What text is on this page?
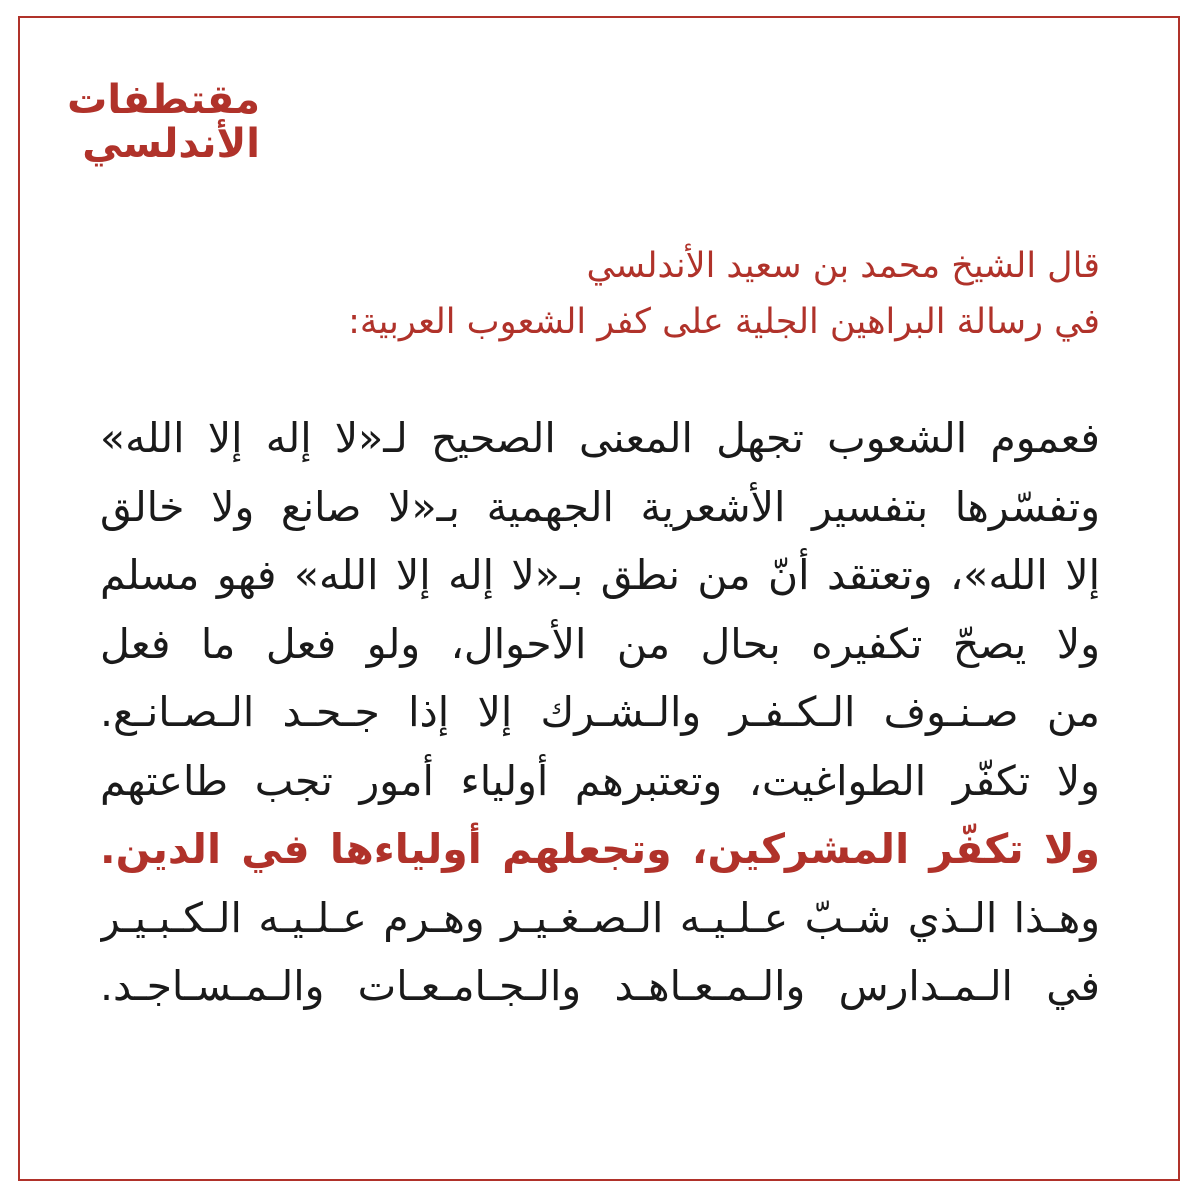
مقتطفات
الأندلسي
قال الشيخ محمد بن سعيد الأندلسي
في رسالة البراهين الجلية على كفر الشعوب العربية:
فعموم الشعوب تجهل المعنى الصحيح لـ«لا إله إلا الله»
وتفسّرها بتفسير الأشعرية الجهمية بـ«لا صانع ولا خالق
إلا الله»، وتعتقد أنّ من نطق بـ«لا إله إلا الله» فهو مسلم
ولا يصحّ تكفيره بحال من الأحوال، ولو فعل ما فعل
من صـنـوف الـكـفـر والـشـرك إلا إذا جـحـد الـصـانـع.
ولا تكفّر الطواغيت، وتعتبرهم أولياء أمور تجب طاعتهم
ولا تكفّر المشركين، وتجعلهم أولياءها في الدين.
وهـذا الـذي شـبّ عـلـيـه الـصـغـيـر وهـرم عـلـيـه الـكـبـيـر
في الـمـدارس والـمـعـاهـد والـجـامـعـات والـمـسـاجـد.
